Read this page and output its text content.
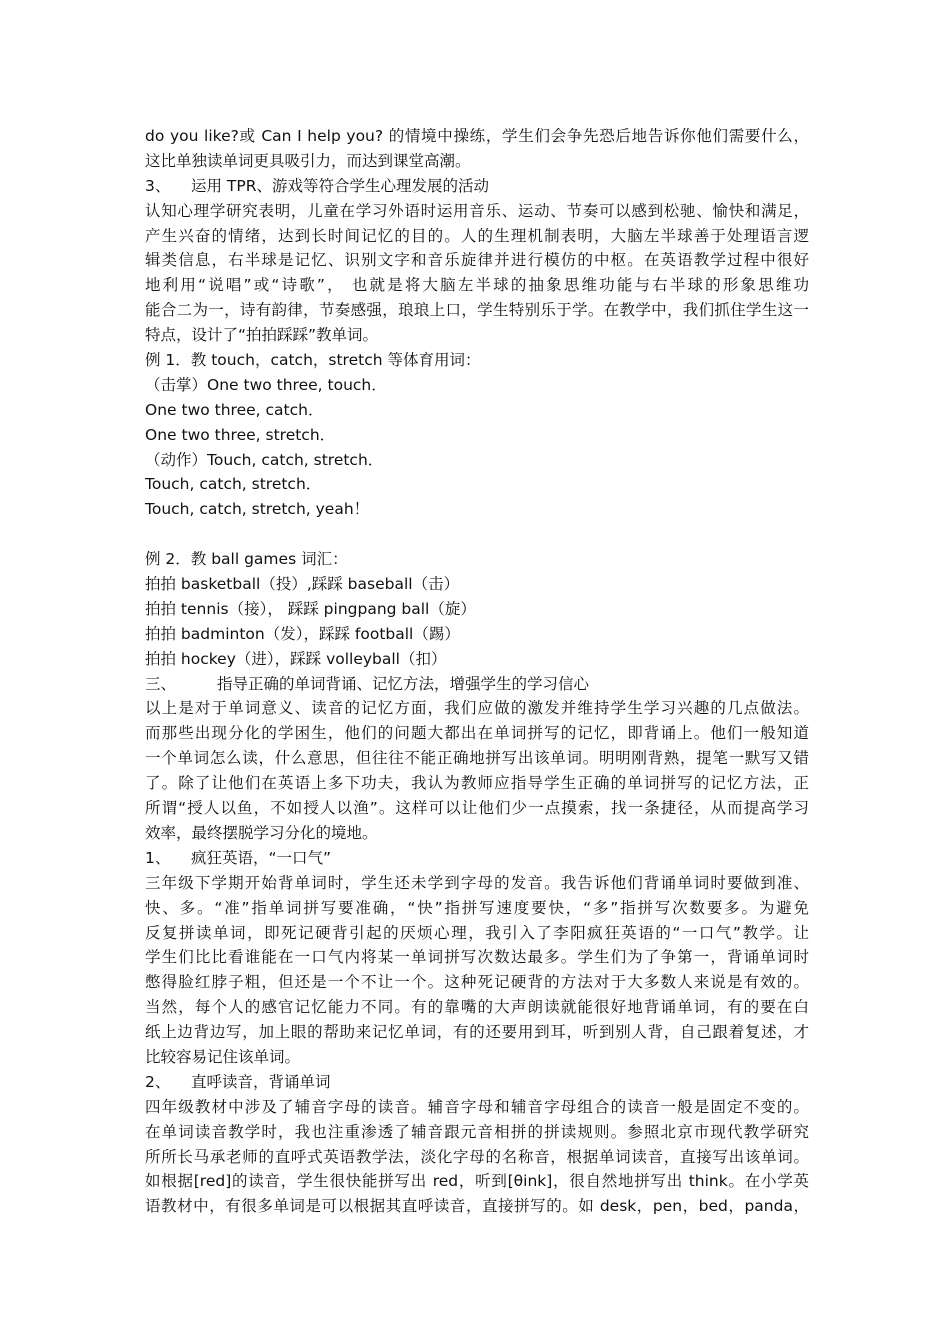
do you like?或 Can I help you? 的情境中操练，学生们会争先恐后地告诉你他们需要什么，
这比单独读单词更具吸引力，而达到课堂高潮。
3、 运用 TPR、游戏等符合学生心理发展的活动
认知心理学研究表明，儿童在学习外语时运用音乐、运动、节奏可以感到松驰、愉快和满足，
产生兴奋的情绪，达到长时间记忆的目的。人的生理机制表明，大脑左半球善于处理语言逻
辑类信息，右半球是记忆、识别文字和音乐旋律并进行模仿的中枢。在英语教学过程中很好
地利用“说唱”或“诗歌”， 也就是将大脑左半球的抽象思维功能与右半球的形象思维功
能合二为一，诗有韵律，节奏感强，琅琅上口，学生特别乐于学。在教学中，我们抓住学生这一
特点，设计了“拍拍踩踩”教单词。
例 1．教 touch，catch，stretch 等体育用词：
（击掌）One two three, touch．
One two three, catch．
One two three, stretch．
（动作）Touch, catch, stretch．
Touch, catch, stretch．
Touch, catch, stretch, yeah！
例 2．教 ball games 词汇：
拍拍 basketball（投）,踩踩 baseball（击）
拍拍 tennis（接）， 踩踩 pingpang ball（旋）
拍拍 badminton（发），踩踩 football（踢）
拍拍 hockey（进），踩踩 volleyball（扣）
三、	指导正确的单词背诵、记忆方法，增强学生的学习信心
以上是对于单词意义、读音的记忆方面，我们应做的激发并维持学生学习兴趣的几点做法。
而那些出现分化的学困生，他们的问题大都出在单词拼写的记忆，即背诵上。他们一般知道
一个单词怎么读，什么意思，但往往不能正确地拼写出该单词。明明刚背熟，提笔一默写又错
了。除了让他们在英语上多下功夫，我认为教师应指导学生正确的单词拼写的记忆方法，正
所谓“授人以鱼，不如授人以渔”。这样可以让他们少一点摸索，找一条捷径，从而提高学习
效率，最终摆脱学习分化的境地。
1、 疯狂英语，“一口气”
三年级下学期开始背单词时，学生还未学到字母的发音。我告诉他们背诵单词时要做到准、
快、多。“准”指单词拼写要准确，“快”指拼写速度要快，“多”指拼写次数要多。为避免
反复拼读单词，即死记硬背引起的厌烦心理，我引入了李阳疯狂英语的“一口气”教学。让
学生们比比看谁能在一口气内将某一单词拼写次数达最多。学生们为了争第一，背诵单词时
憋得脸红脖子粗，但还是一个不让一个。这种死记硬背的方法对于大多数人来说是有效的。
当然，每个人的感官记忆能力不同。有的靠嘴的大声朗读就能很好地背诵单词，有的要在白
纸上边背边写，加上眼的帮助来记忆单词，有的还要用到耳，听到别人背，自己跟着复述，才
比较容易记住该单词。
2、 直呼读音，背诵单词
四年级教材中涉及了辅音字母的读音。辅音字母和辅音字母组合的读音一般是固定不变的。
在单词读音教学时，我也注重渗透了辅音跟元音相拼的拼读规则。参照北京市现代教学研究
所所长马承老师的直呼式英语教学法，淡化字母的名称音，根据单词读音，直接写出该单词。
如根据[red]的读音，学生很快能拼写出 red，听到[θink]，很自然地拼写出 think。在小学英
语教材中，有很多单词是可以根据其直呼读音，直接拼写的。如 desk，pen，bed，panda，
